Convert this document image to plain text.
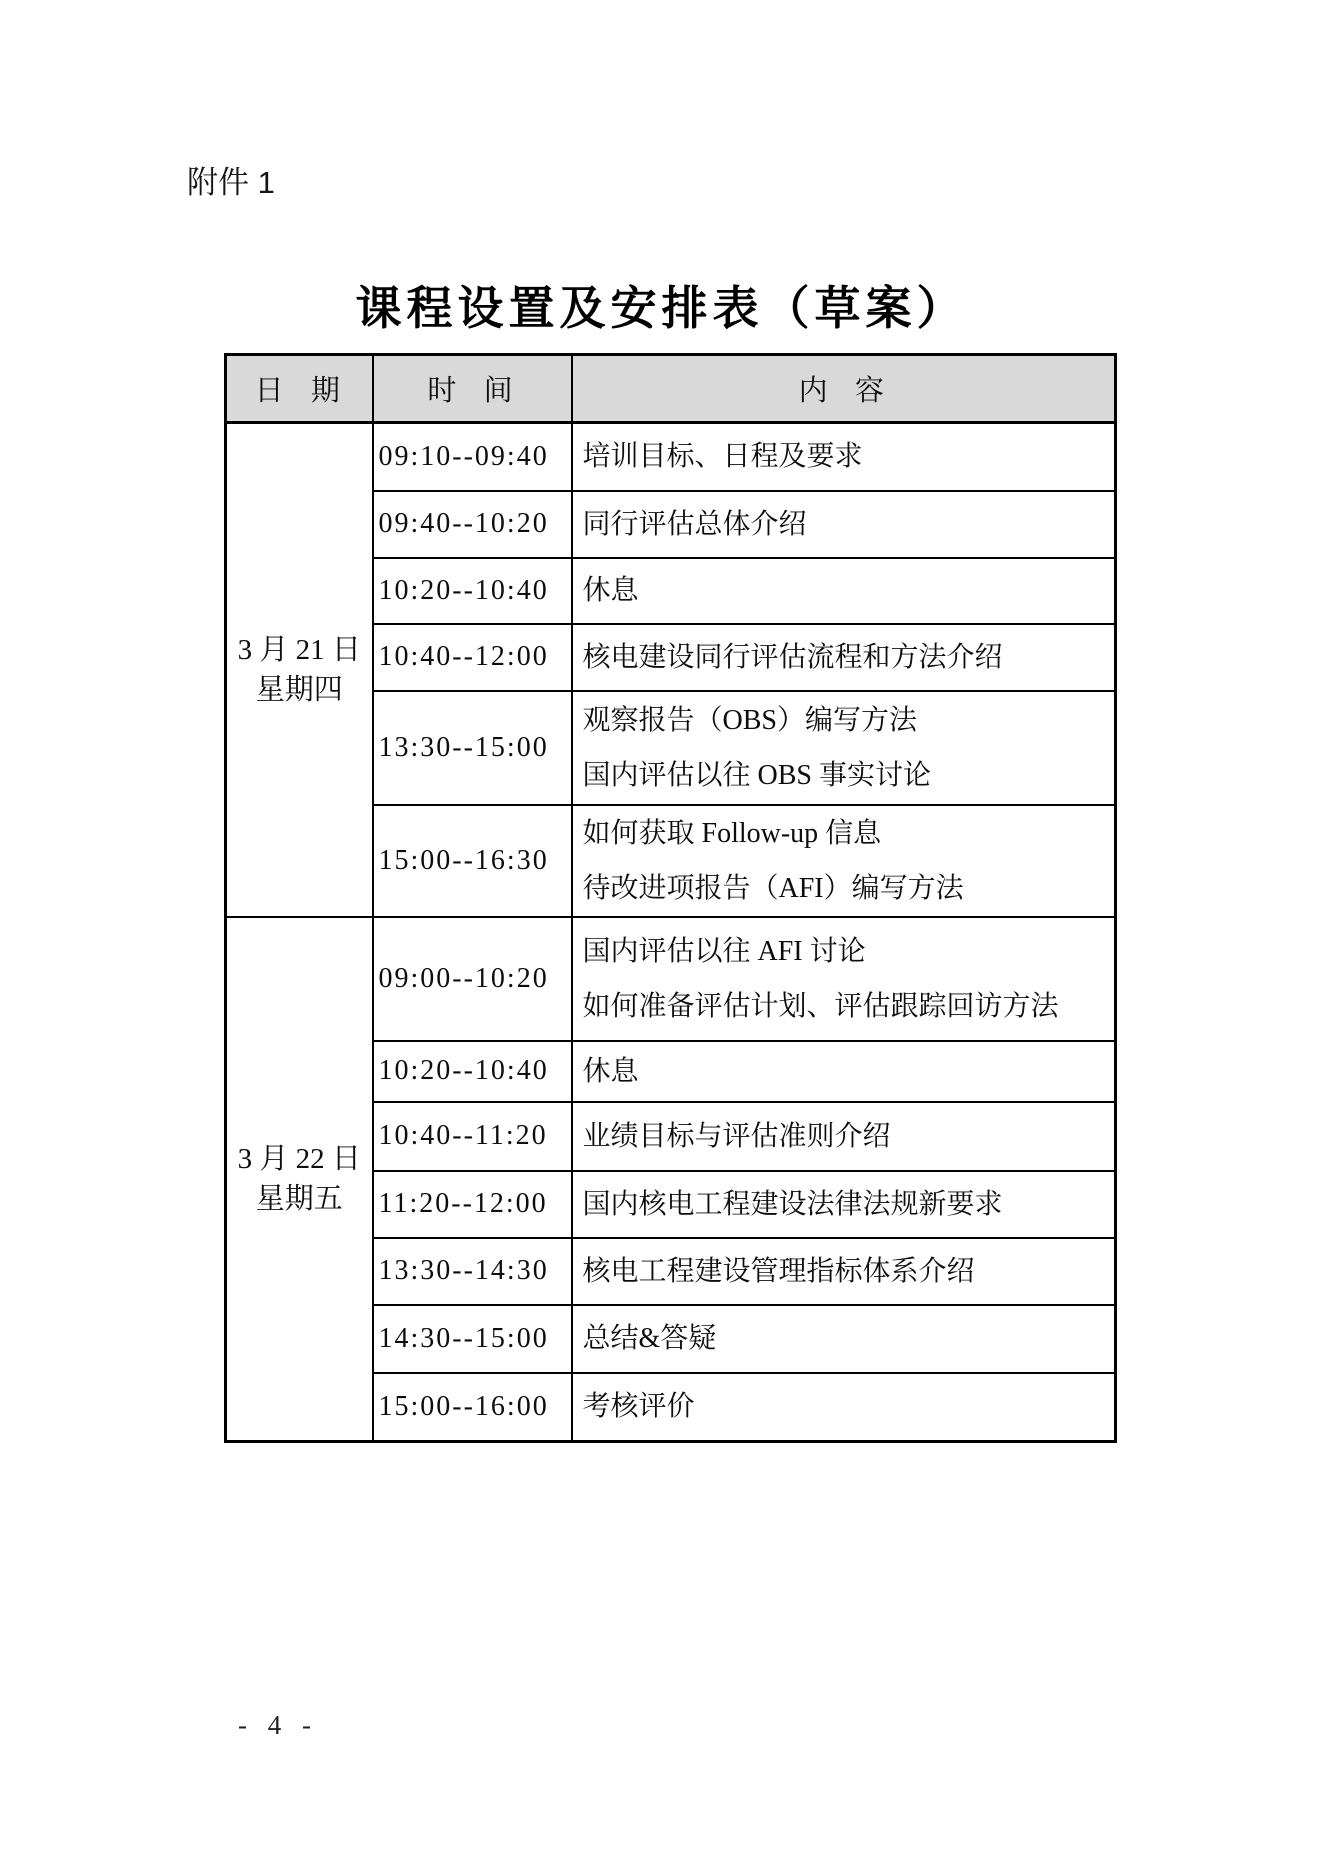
附件 1
课程设置及安排表（草案）
日 期	时 间	内 容

3 月 21 日
星期四	09:10--09:40	培训目标、日程及要求

	09:40--10:20	同行评估总体介绍

	10:20--10:40	休息

	10:40--12:00	核电建设同行评估流程和方法介绍

	13:30--15:00	观察报告（OBS）编写方法
国内评估以往 OBS 事实讨论

	15:00--16:30	如何获取 Follow-up 信息
待改进项报告（AFI）编写方法

3 月 22 日
星期五
	09:00--10:20	
国内评估以往 AFI 讨论
如何准备评估计划、评估跟踪回访方法

	10:20--10:40	休息

	10:40--11:20	业绩目标与评估准则介绍

	11:20--12:00	国内核电工程建设法律法规新要求

	13:30--14:30	核电工程建设管理指标体系介绍

	14:30--15:00	总结&答疑

	15:00--16:00	考核评价
- 4 -
